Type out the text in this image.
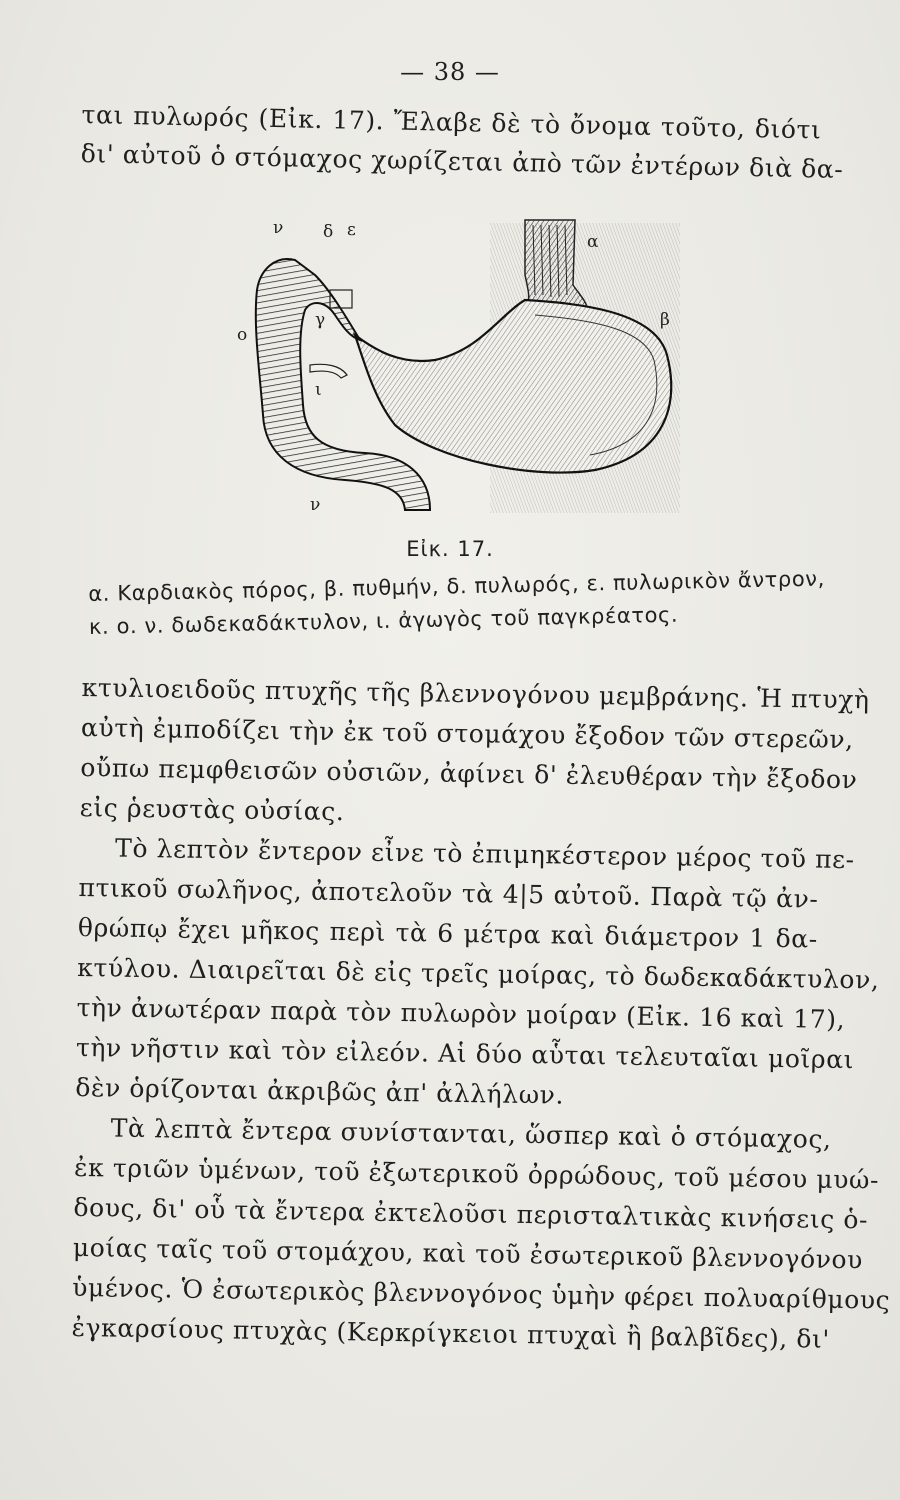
— 38 —
ται πυλωρός (Εἰκ. 17). Ἔλαβε δὲ τὸ ὄνομα τοῦτο, διότι
δι' αὐτοῦ ὁ στόμαχος χωρίζεται ἀπὸ τῶν ἐντέρων διὰ δα-
ν δ ε
α
β
ο
γ
ι
ν
Εἰκ. 17.
α. Καρδιακὸς πόρος, β. πυθμήν, δ. πυλωρός, ε. πυλωρικὸν ἄντρον,
κ. ο. ν. δωδεκαδάκτυλον, ι. ἀγωγὸς τοῦ παγκρέατος.
κτυλιοειδοῦς πτυχῆς τῆς βλεννογόνου μεμβράνης. Ἡ πτυχὴ
αὐτὴ ἐμποδίζει τὴν ἐκ τοῦ στομάχου ἔξοδον τῶν στερεῶν,
οὔπω πεμφθεισῶν οὐσιῶν, ἀφίνει δ' ἐλευθέραν τὴν ἔξοδον
εἰς ῥευστὰς οὐσίας.
Τὸ λεπτὸν ἔντερον εἶνε τὸ ἐπιμηκέστερον μέρος τοῦ πε-
πτικοῦ σωλῆνος, ἀποτελοῦν τὰ 4|5 αὐτοῦ. Παρὰ τῷ ἀν-
θρώπῳ ἔχει μῆκος περὶ τὰ 6 μέτρα καὶ διάμετρον 1 δα-
κτύλου. Διαιρεῖται δὲ εἰς τρεῖς μοίρας, τὸ δωδεκαδάκτυλον,
τὴν ἀνωτέραν παρὰ τὸν πυλωρὸν μοίραν (Εἰκ. 16 καὶ 17),
τὴν νῆστιν καὶ τὸν εἰλεόν. Αἱ δύο αὗται τελευταῖαι μοῖραι
δὲν ὁρίζονται ἀκριβῶς ἀπ' ἀλλήλων.
Τὰ λεπτὰ ἔντερα συνίστανται, ὥσπερ καὶ ὁ στόμαχος,
ἐκ τριῶν ὑμένων, τοῦ ἐξωτερικοῦ ὀρρώδους, τοῦ μέσου μυώ-
δους, δι' οὗ τὰ ἔντερα ἐκτελοῦσι περισταλτικὰς κινήσεις ὁ-
μοίας ταῖς τοῦ στομάχου, καὶ τοῦ ἐσωτερικοῦ βλεννογόνου
ὑμένος. Ὁ ἐσωτερικὸς βλεννογόνος ὑμὴν φέρει πολυαρίθμους
ἐγκαρσίους πτυχὰς (Κερκρίγκειοι πτυχαὶ ἢ βαλβῖδες), δι'
